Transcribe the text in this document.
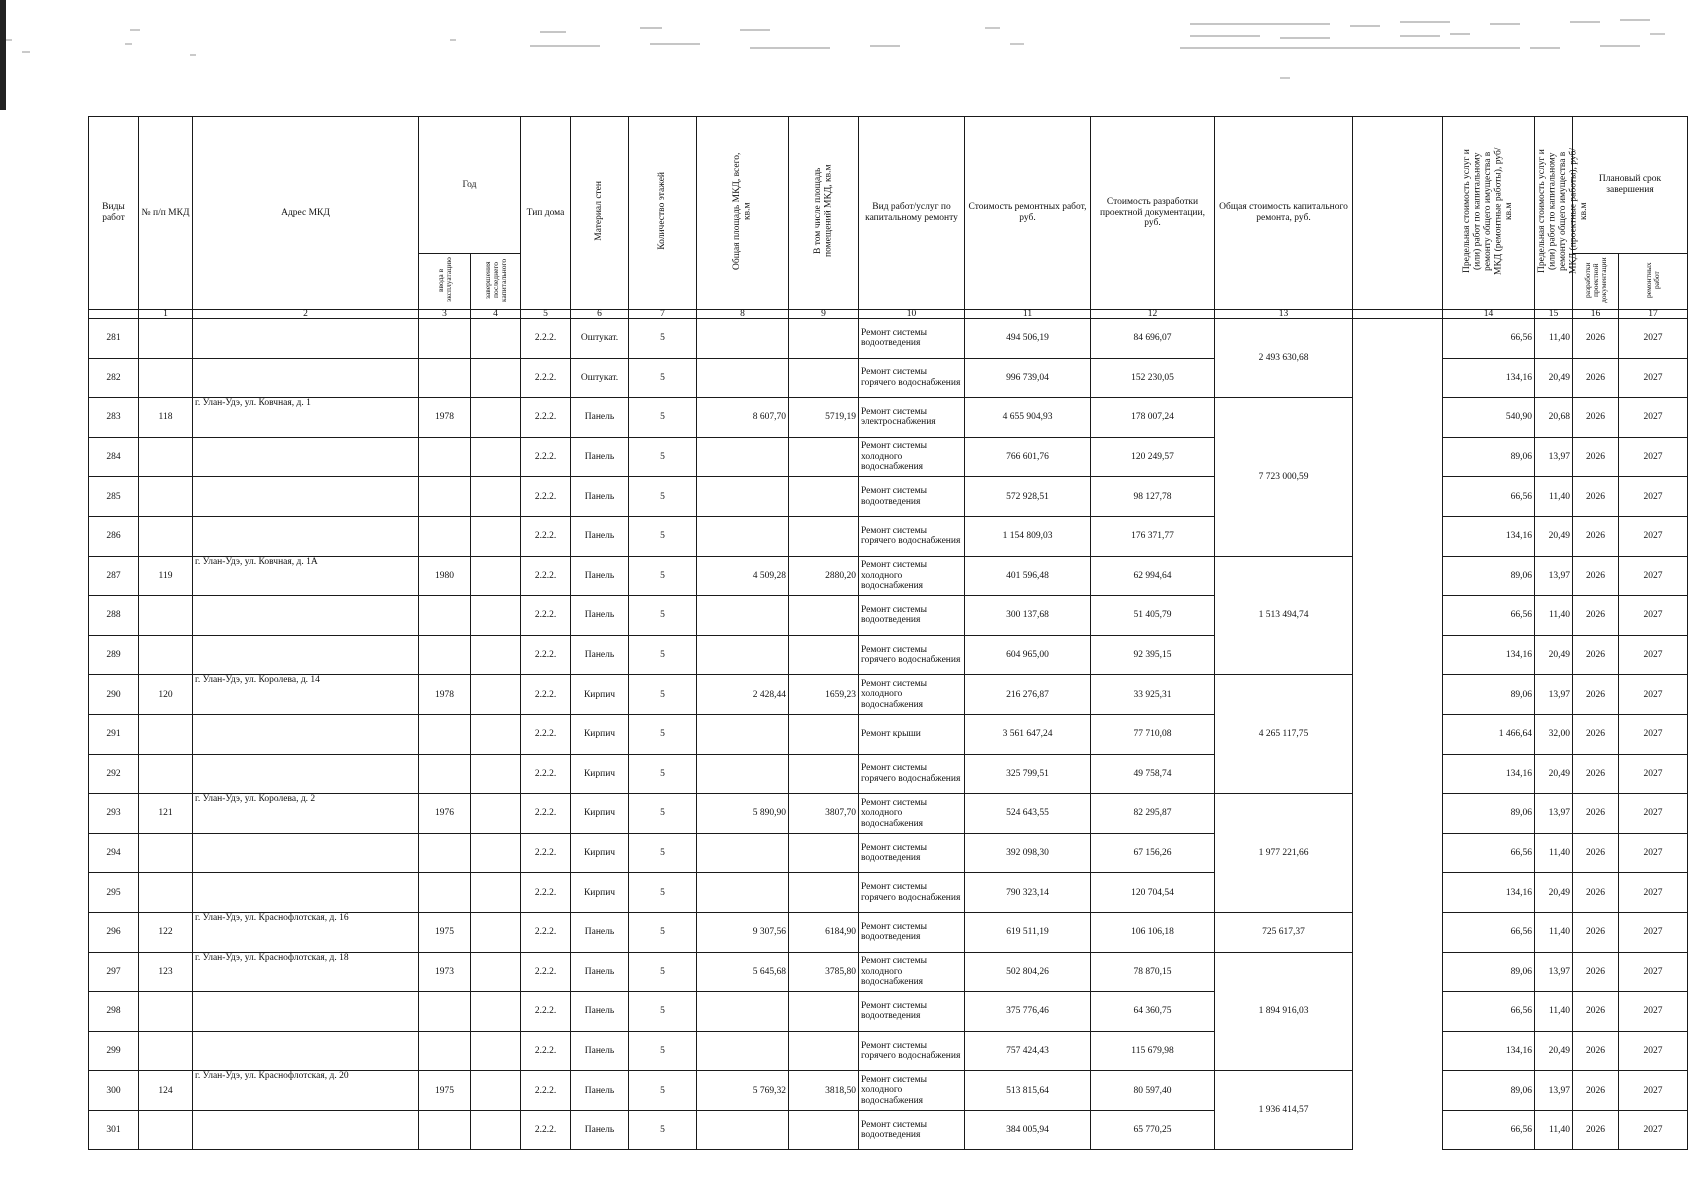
Виды работ	№ п/п МКД	Адрес МКД	Год		Тип дома	Материал стен	Количество этажей	Общая площадь МКД, всего, кв.м	В том числе площадь помещений МКД, кв.м	Вид работ/услуг по капитальному ремонту	Стоимость ремонтных работ, руб.	Стоимость разработки проектной документации, руб.	Общая стоимость капитального ремонта, руб.		Предельная стоимость услуг и (или) работ по капитальному ремонту общего имущества в МКД (ремонтные работы), руб/кв.м	Предельная стоимость услуг и (или) работ по капитальному ремонту общего имущества в МКД (проектные работы), руб/кв.м	Плановый срок завершения	
			ввода в эксплуатацию	завершения последнего капитального													разработки проектной документации	ремонтных работ
	1	2	3	4	5	6	7	8	9	10	11	12	13		14	15	16	17
281					2.2.2.	Оштукат.	5			Ремонт системы водоотведения	494 506,19	84 696,07	2 493 630,68		66,56	11,40	2026	2027
282					2.2.2.	Оштукат.	5			Ремонт системы горячего водоснабжения	996 739,04	152 230,05			134,16	20,49	2026	2027
283	118	г. Улан-Удэ, ул. Ковчная, д. 1	1978		2.2.2.	Панель	5	8 607,70	5719,19	Ремонт системы электроснабжения	4 655 904,93	178 007,24	7 723 000,59		540,90	20,68	2026	2027
284					2.2.2.	Панель	5			Ремонт системы холодного водоснабжения	766 601,76	120 249,57			89,06	13,97	2026	2027
285					2.2.2.	Панель	5			Ремонт системы водоотведения	572 928,51	98 127,78			66,56	11,40	2026	2027
286					2.2.2.	Панель	5			Ремонт системы горячего водоснабжения	1 154 809,03	176 371,77			134,16	20,49	2026	2027
287	119	г. Улан-Удэ, ул. Ковчная, д. 1А	1980		2.2.2.	Панель	5	4 509,28	2880,20	Ремонт системы холодного водоснабжения	401 596,48	62 994,64	1 513 494,74		89,06	13,97	2026	2027
288					2.2.2.	Панель	5			Ремонт системы водоотведения	300 137,68	51 405,79			66,56	11,40	2026	2027
289					2.2.2.	Панель	5			Ремонт системы горячего водоснабжения	604 965,00	92 395,15			134,16	20,49	2026	2027
290	120	г. Улан-Удэ, ул. Королева, д. 14	1978		2.2.2.	Кирпич	5	2 428,44	1659,23	Ремонт системы холодного водоснабжения	216 276,87	33 925,31	4 265 117,75		89,06	13,97	2026	2027
291					2.2.2.	Кирпич	5			Ремонт крыши	3 561 647,24	77 710,08			1 466,64	32,00	2026	2027
292					2.2.2.	Кирпич	5			Ремонт системы горячего водоснабжения	325 799,51	49 758,74			134,16	20,49	2026	2027
293	121	г. Улан-Удэ, ул. Королева, д. 2	1976		2.2.2.	Кирпич	5	5 890,90	3807,70	Ремонт системы холодного водоснабжения	524 643,55	82 295,87	1 977 221,66		89,06	13,97	2026	2027
294					2.2.2.	Кирпич	5			Ремонт системы водоотведения	392 098,30	67 156,26			66,56	11,40	2026	2027
295					2.2.2.	Кирпич	5			Ремонт системы горячего водоснабжения	790 323,14	120 704,54			134,16	20,49	2026	2027
296	122	г. Улан-Удэ, ул. Краснофлотская, д. 16	1975		2.2.2.	Панель	5	9 307,56	6184,90	Ремонт системы водоотведения	619 511,19	106 106,18	725 617,37		66,56	11,40	2026	2027
297	123	г. Улан-Удэ, ул. Краснофлотская, д. 18	1973		2.2.2.	Панель	5	5 645,68	3785,80	Ремонт системы холодного водоснабжения	502 804,26	78 870,15	1 894 916,03		89,06	13,97	2026	2027
298					2.2.2.	Панель	5			Ремонт системы водоотведения	375 776,46	64 360,75			66,56	11,40	2026	2027
299					2.2.2.	Панель	5			Ремонт системы горячего водоснабжения	757 424,43	115 679,98			134,16	20,49	2026	2027
300	124	г. Улан-Удэ, ул. Краснофлотская, д. 20	1975		2.2.2.	Панель	5	5 769,32	3818,50	Ремонт системы холодного водоснабжения	513 815,64	80 597,40	1 936 414,57		89,06	13,97	2026	2027
301					2.2.2.	Панель	5			Ремонт системы водоотведения	384 005,94	65 770,25			66,56	11,40	2026	2027
